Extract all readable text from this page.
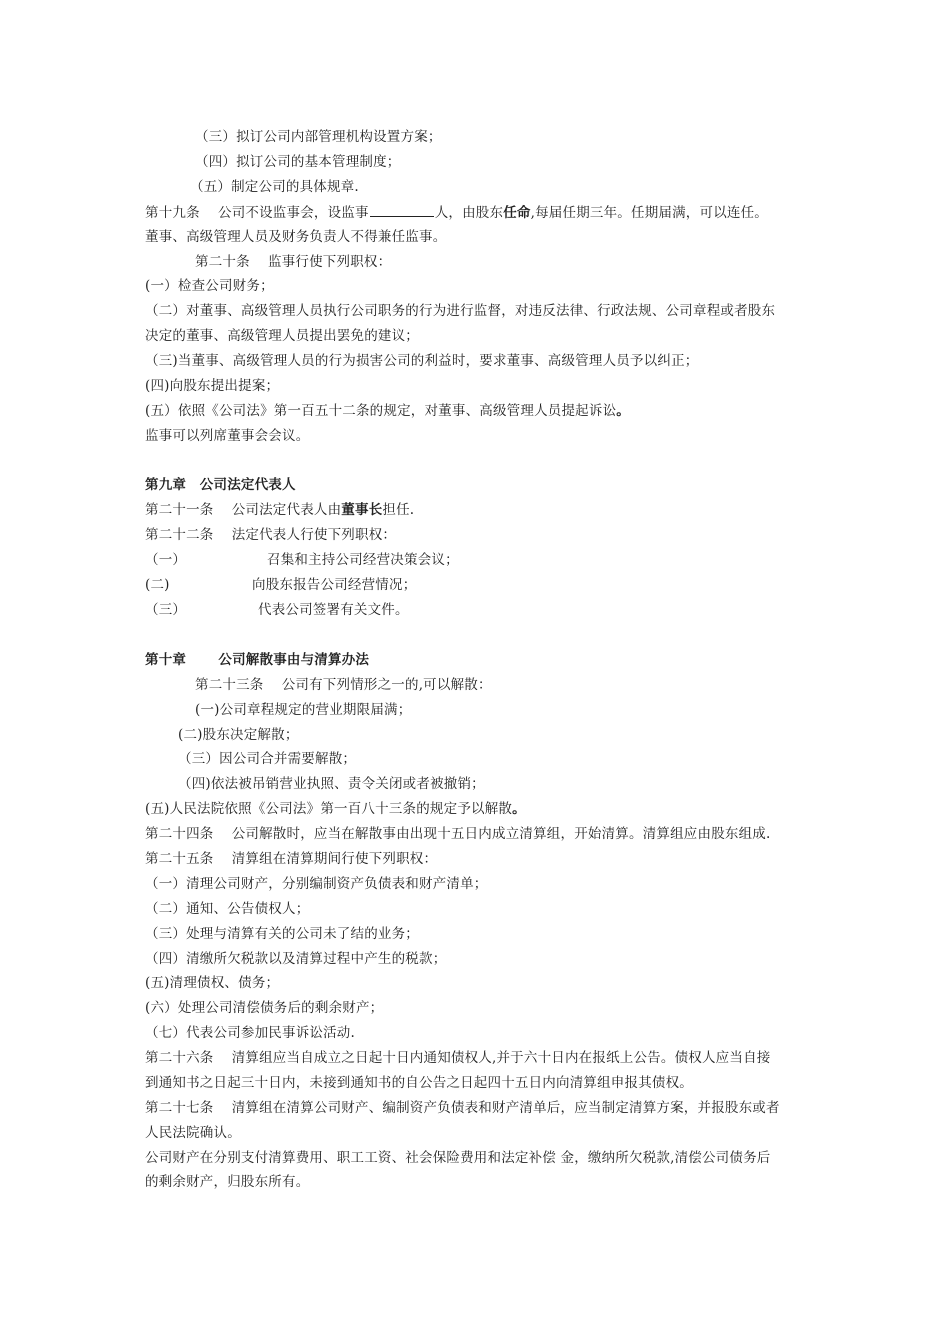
（三）拟订公司内部管理机构设置方案；
（四）拟订公司的基本管理制度；
（五）制定公司的具体规章.
第十九条　 公司不设监事会，设监事	人，由股东任命,每届任期三年。任期届满，可以连任。
董事、高级管理人员及财务负责人不得兼任监事。
第二十条　 监事行使下列职权：
(一）检查公司财务；
（二）对董事、高级管理人员执行公司职务的行为进行监督，对违反法律、行政法规、公司章程或者股东
决定的董事、高级管理人员提出罢免的建议；
（三)当董事、高级管理人员的行为损害公司的利益时，要求董事、高级管理人员予以纠正；
(四)向股东提出提案；
(五）依照《公司法》第一百五十二条的规定，对董事、高级管理人员提起诉讼。
监事可以列席董事会会议。
第九章　公司法定代表人
第二十一条　 公司法定代表人由董事长担任.
第二十二条　 法定代表人行使下列职权：
（一）	召集和主持公司经营决策会议；
(二)	向股东报告公司经营情况；
（三）	代表公司签署有关文件。
第十章　　 公司解散事由与清算办法
第二十三条　 公司有下列情形之一的,可以解散：
(一)公司章程规定的营业期限届满；
(二)股东决定解散；
（三）因公司合并需要解散；
（四)依法被吊销营业执照、责令关闭或者被撤销；
(五)人民法院依照《公司法》第一百八十三条的规定予以解散。
第二十四条　 公司解散时，应当在解散事由出现十五日内成立清算组，开始清算。清算组应由股东组成.
第二十五条　 清算组在清算期间行使下列职权：
（一）清理公司财产，分别编制资产负债表和财产清单；
（二）通知、公告债权人；
（三）处理与清算有关的公司未了结的业务；
（四）清缴所欠税款以及清算过程中产生的税款；
(五)清理债权、债务；
(六）处理公司清偿债务后的剩余财产；
（七）代表公司参加民事诉讼活动.
第二十六条　 清算组应当自成立之日起十日内通知债权人,并于六十日内在报纸上公告。债权人应当自接
到通知书之日起三十日内，未接到通知书的自公告之日起四十五日内向清算组申报其债权。
第二十七条　 清算组在清算公司财产、编制资产负债表和财产清单后，应当制定清算方案，并报股东或者
人民法院确认。
公司财产在分别支付清算费用、职工工资、社会保险费用和法定补偿 金，缴纳所欠税款,清偿公司债务后
的剩余财产，归股东所有。
